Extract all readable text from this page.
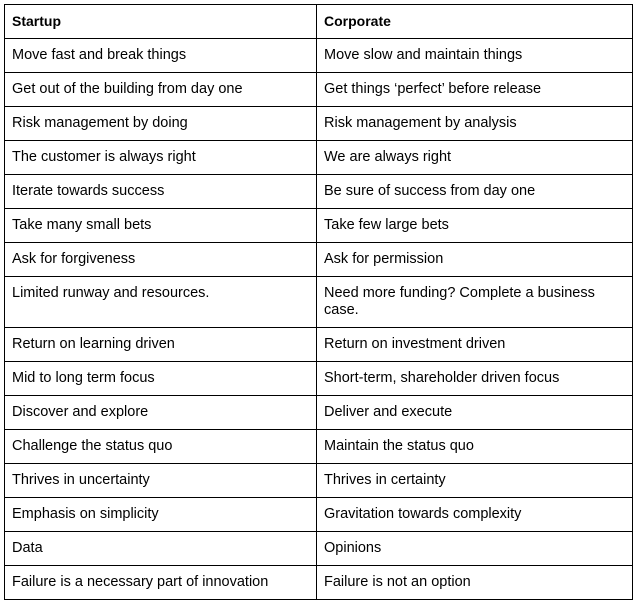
Startup	Corporate
Move fast and break things	Move slow and maintain things
Get out of the building from day one	Get things ‘perfect’ before release
Risk management by doing	Risk management by analysis
The customer is always right	We are always right
Iterate towards success	Be sure of success from day one
Take many small bets	Take few large bets
Ask for forgiveness	Ask for permission
Limited runway and resources.	Need more funding? Complete a business case.
Return on learning driven	Return on investment driven
Mid to long term focus	Short-term, shareholder driven focus
Discover and explore	Deliver and execute
Challenge the status quo	Maintain the status quo
Thrives in uncertainty	Thrives in certainty
Emphasis on simplicity	Gravitation towards complexity
Data	Opinions
Failure is a necessary part of innovation	Failure is not an option
